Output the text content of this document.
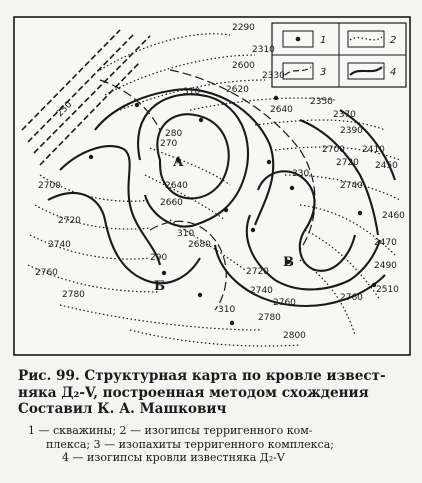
1	2
3	4
2290
2310
2600
2330
2620
310
250	2640
2350
2370
2390
2700 2410
2720 2450
2740
270
280
2700	2640
2660
330
2720
2740
310
2680
2760
2780
2460
2470
2490
2720
2740
2760
290
2780
2800
310
2510
2760
А
Б
В
Рис. 99. Структурная карта по кровле извест-
няка Д₂-V, построенная методом схождения
Составил К. А. Машкович
1 — скважины; 2 — изогипсы терригенного ком-
плекса; 3 — изопахиты терригенного комплекса;
4 — изогипсы кровли известняка Д₂-V
